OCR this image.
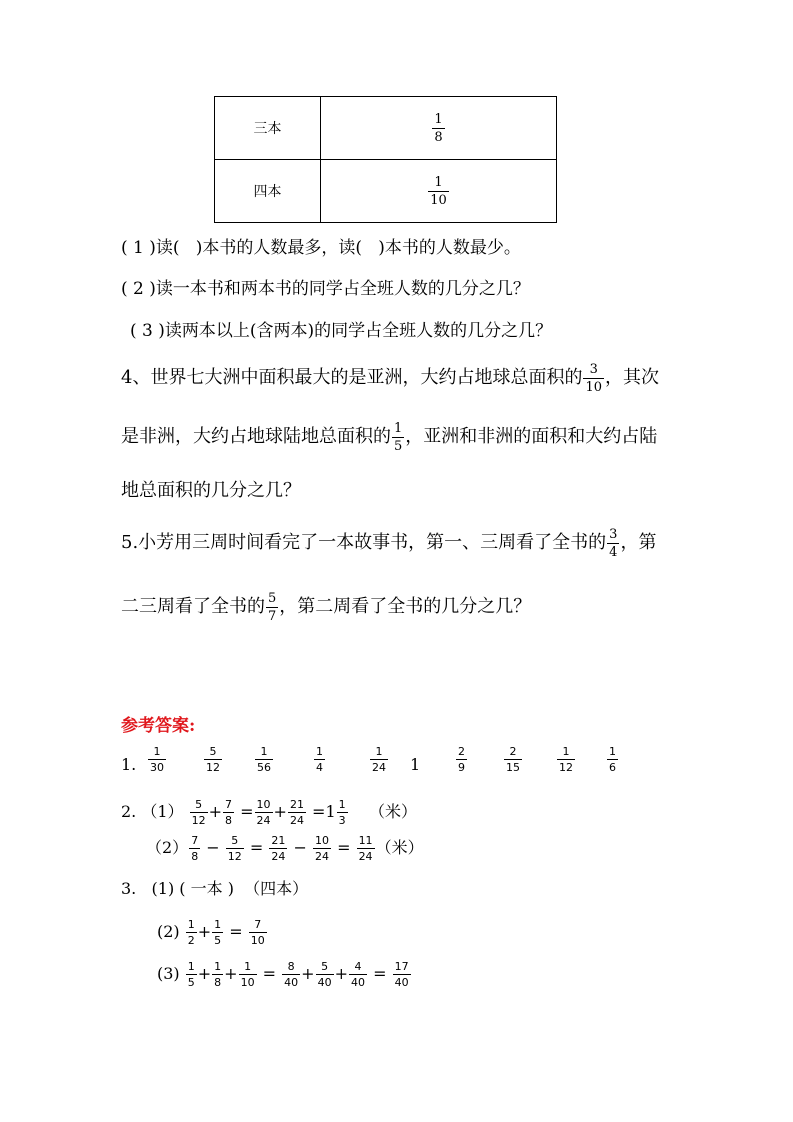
三本	$\frac{1}{8}$

四本	$\frac{1}{10}$
( 1 )读(   )本书的人数最多，读(   )本书的人数最少。
( 2 )读一本书和两本书的同学占全班人数的几分之几？
( 3 )读两本以上(含两本)的同学占全班人数的几分之几？
4、世界七大洲中面积最大的是亚洲，大约占地球总面积的 $\frac{3}{10}$ ，其次
是非洲，大约占地球陆地总面积的 $\frac{1}{5}$ ，亚洲和非洲的面积和大约占陆
地总面积的几分之几？
5.小芳用三周时间看完了一本故事书，第一、三周看了全书的 $\frac{3}{4}$ ，第
二三周看了全书的 $\frac{5}{7}$ ，第二周看了全书的几分之几？
参考答案:
1. $\frac{1}{30}$	$\frac{5}{12}$	$\frac{1}{56}$	$\frac{1}{4}$	$\frac{1}{24} 1$	$\frac{2}{9}$	$\frac{2}{15}$	$\frac{1}{12}$	$\frac{1}{6}$
2. $(1) \frac{5}{12} + \frac{7}{8} = \frac{10}{24} + \frac{21}{24} =1 \frac{1}{3}$ （米）
$(2) \frac{7}{8} - \frac{5}{12} = \frac{21}{24} - \frac{10}{24} = \frac{11}{24}$ （米）
3. (1) ( 一本 )  （四本）
$(2) \frac{1}{2} + \frac{1}{5} = \frac{7}{10}$
$(3) \frac{1}{5} + \frac{1}{8} + \frac{1}{10} = \frac{8}{40} + \frac{5}{40} + \frac{4}{40} = \frac{17}{40}$
